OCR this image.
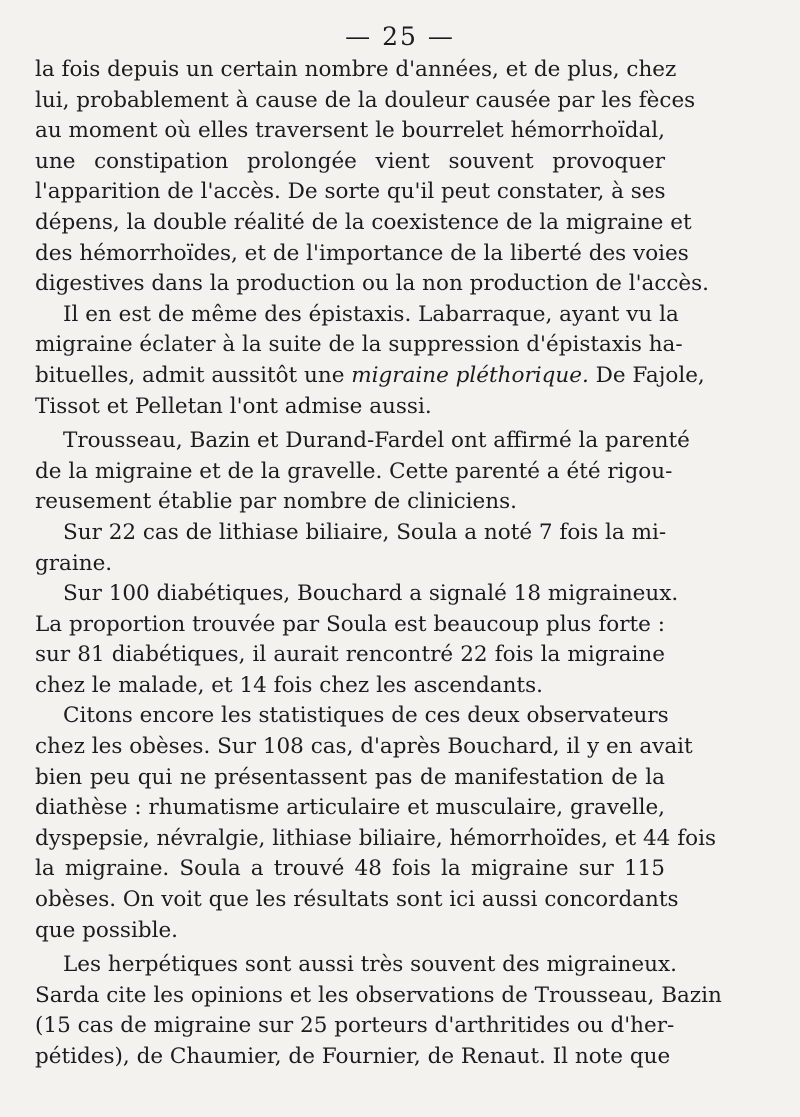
— 25 —
la fois depuis un certain nombre d'années, et de plus, chez
lui, probablement à cause de la douleur causée par les fèces
au moment où elles traversent le bourrelet hémorrhoïdal,
une constipation prolongée vient souvent provoquer
l'apparition de l'accès. De sorte qu'il peut constater, à ses
dépens, la double réalité de la coexistence de la migraine et
des hémorrhoïdes, et de l'importance de la liberté des voies
digestives dans la production ou la non production de l'accès.
Il en est de même des épistaxis. Labarraque, ayant vu la
migraine éclater à la suite de la suppression d'épistaxis ha-
bituelles, admit aussitôt une migraine pléthorique. De Fajole,
Tissot et Pelletan l'ont admise aussi.
Trousseau, Bazin et Durand-Fardel ont affirmé la parenté
de la migraine et de la gravelle. Cette parenté a été rigou-
reusement établie par nombre de cliniciens.
Sur 22 cas de lithiase biliaire, Soula a noté 7 fois la mi-
graine.
Sur 100 diabétiques, Bouchard a signalé 18 migraineux.
La proportion trouvée par Soula est beaucoup plus forte :
sur 81 diabétiques, il aurait rencontré 22 fois la migraine
chez le malade, et 14 fois chez les ascendants.
Citons encore les statistiques de ces deux observateurs
chez les obèses. Sur 108 cas, d'après Bouchard, il y en avait
bien peu qui ne présentassent pas de manifestation de la
diathèse : rhumatisme articulaire et musculaire, gravelle,
dyspepsie, névralgie, lithiase biliaire, hémorrhoïdes, et 44 fois
la migraine. Soula a trouvé 48 fois la migraine sur 115
obèses. On voit que les résultats sont ici aussi concordants
que possible.
Les herpétiques sont aussi très souvent des migraineux.
Sarda cite les opinions et les observations de Trousseau, Bazin
(15 cas de migraine sur 25 porteurs d'arthritides ou d'her-
pétides), de Chaumier, de Fournier, de Renaut. Il note que
